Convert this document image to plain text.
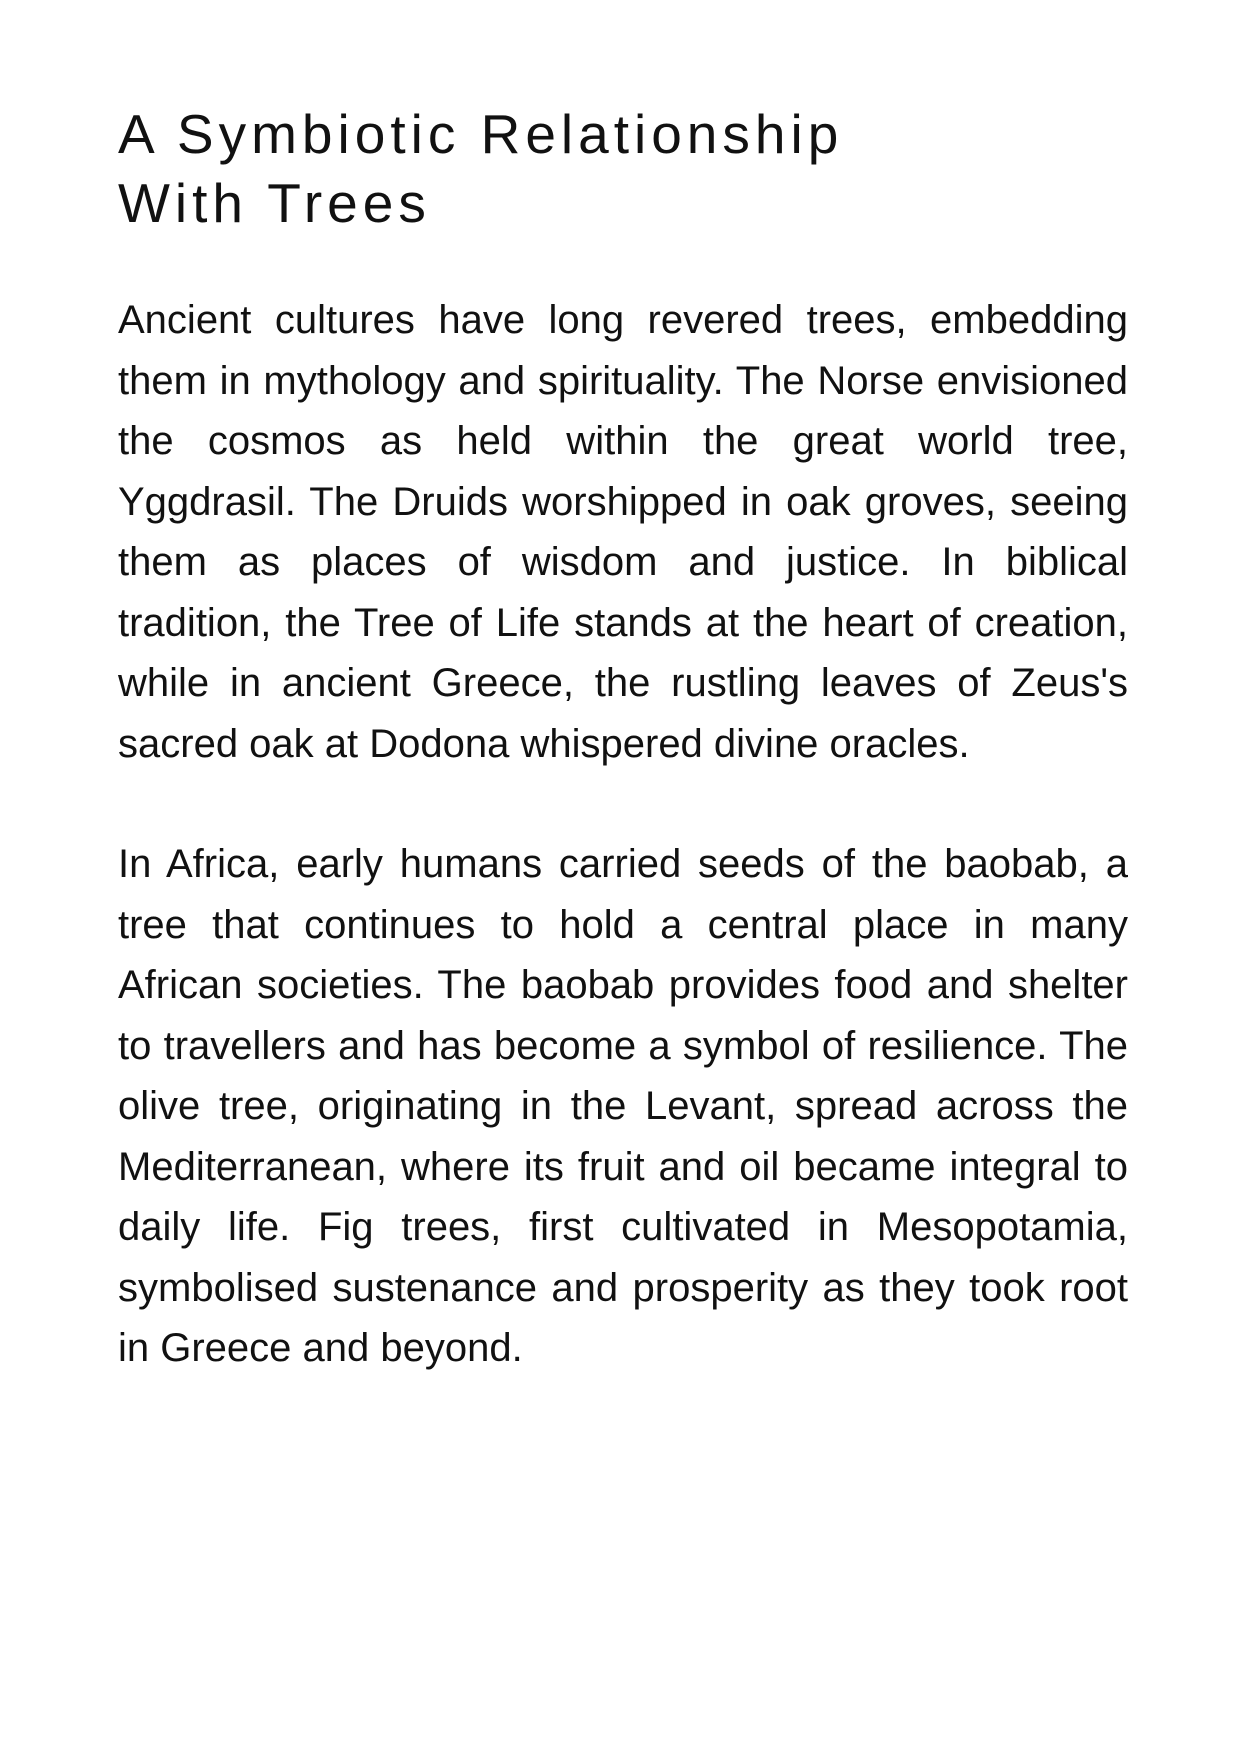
A Symbiotic Relationship
With Trees

Ancient cultures have long revered trees, embedding them in mythology and spirituality. The Norse envisioned the cosmos as held within the great world tree, Yggdrasil. The Druids worshipped in oak groves, seeing them as places of wisdom and justice. In biblical tradition, the Tree of Life stands at the heart of creation, while in ancient Greece, the rustling leaves of Zeus's sacred oak at Dodona whispered divine oracles.

In Africa, early humans carried seeds of the baobab, a tree that continues to hold a central place in many African societies. The baobab provides food and shelter to travellers and has become a symbol of resilience. The olive tree, originating in the Levant, spread across the Mediterranean, where its fruit and oil became integral to daily life. Fig trees, first cultivated in Mesopotamia, symbolised sustenance and prosperity as they took root in Greece and beyond.
